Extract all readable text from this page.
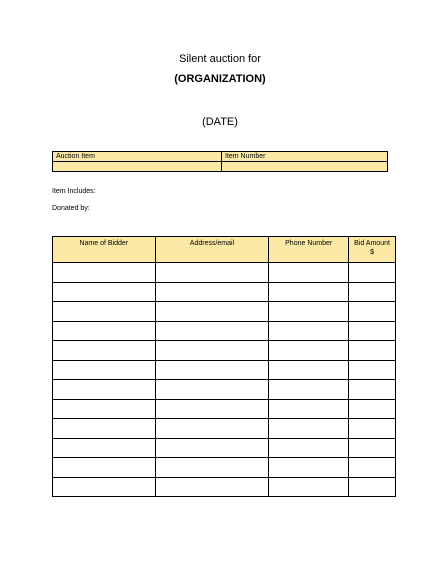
Silent auction for

(ORGANIZATION)

(DATE)

Auction Item	Item Number

Item Includes:
Donated by:
Name of Bidder	Address/email	Phone Number	Bid Amount
$
